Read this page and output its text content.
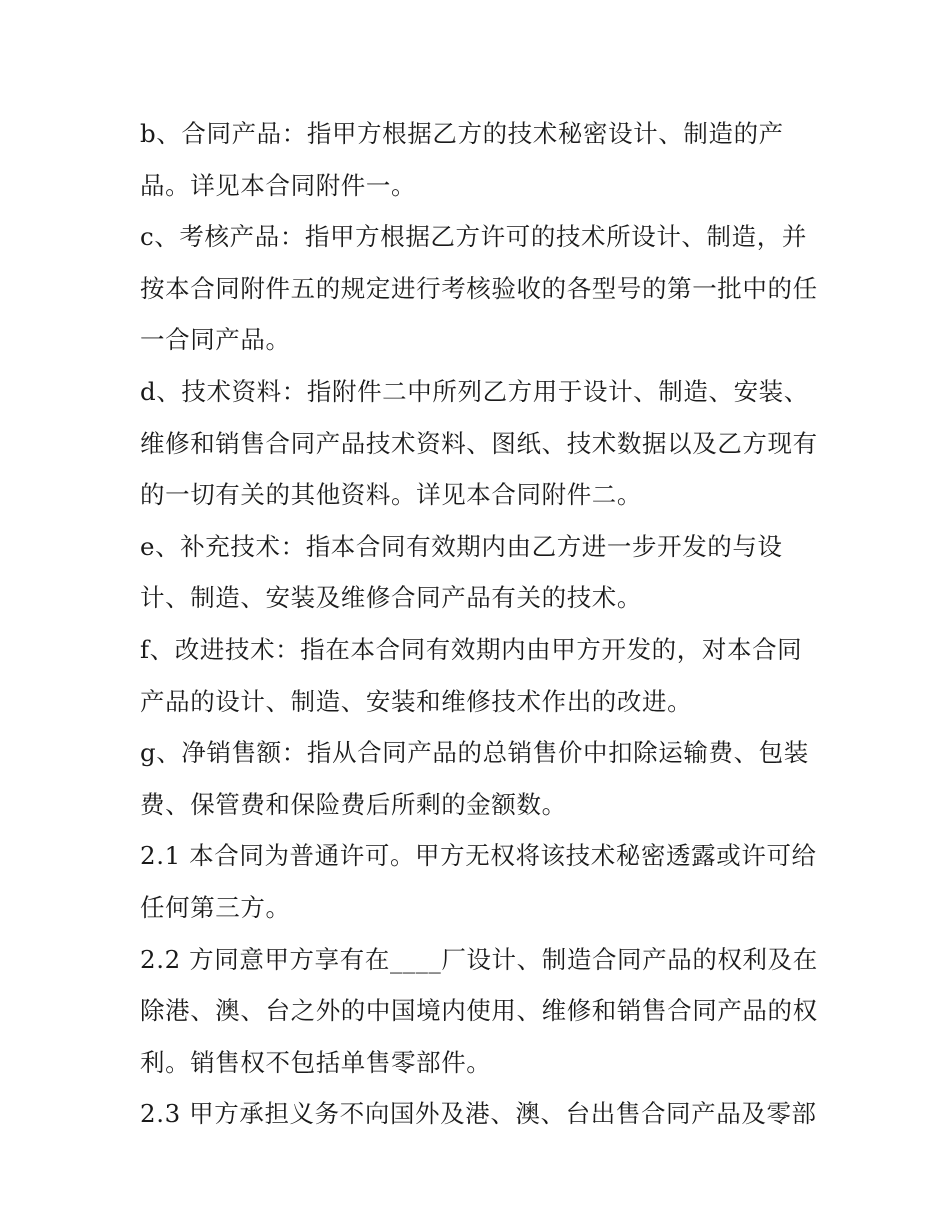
b、合同产品：指甲方根据乙方的技术秘密设计、制造的产
品。详见本合同附件一。
c、考核产品：指甲方根据乙方许可的技术所设计、制造，并
按本合同附件五的规定进行考核验收的各型号的第一批中的任
一合同产品。
d、技术资料：指附件二中所列乙方用于设计、制造、安装、
维修和销售合同产品技术资料、图纸、技术数据以及乙方现有
的一切有关的其他资料。详见本合同附件二。
e、补充技术：指本合同有效期内由乙方进一步开发的与设
计、制造、安装及维修合同产品有关的技术。
f、改进技术：指在本合同有效期内由甲方开发的，对本合同
产品的设计、制造、安装和维修技术作出的改进。
g、净销售额：指从合同产品的总销售价中扣除运输费、包装
费、保管费和保险费后所剩的金额数。
2.1 本合同为普通许可。甲方无权将该技术秘密透露或许可给
任何第三方。
2.2 方同意甲方享有在____厂设计、制造合同产品的权利及在
除港、澳、台之外的中国境内使用、维修和销售合同产品的权
利。销售权不包括单售零部件。
2.3 甲方承担义务不向国外及港、澳、台出售合同产品及零部
